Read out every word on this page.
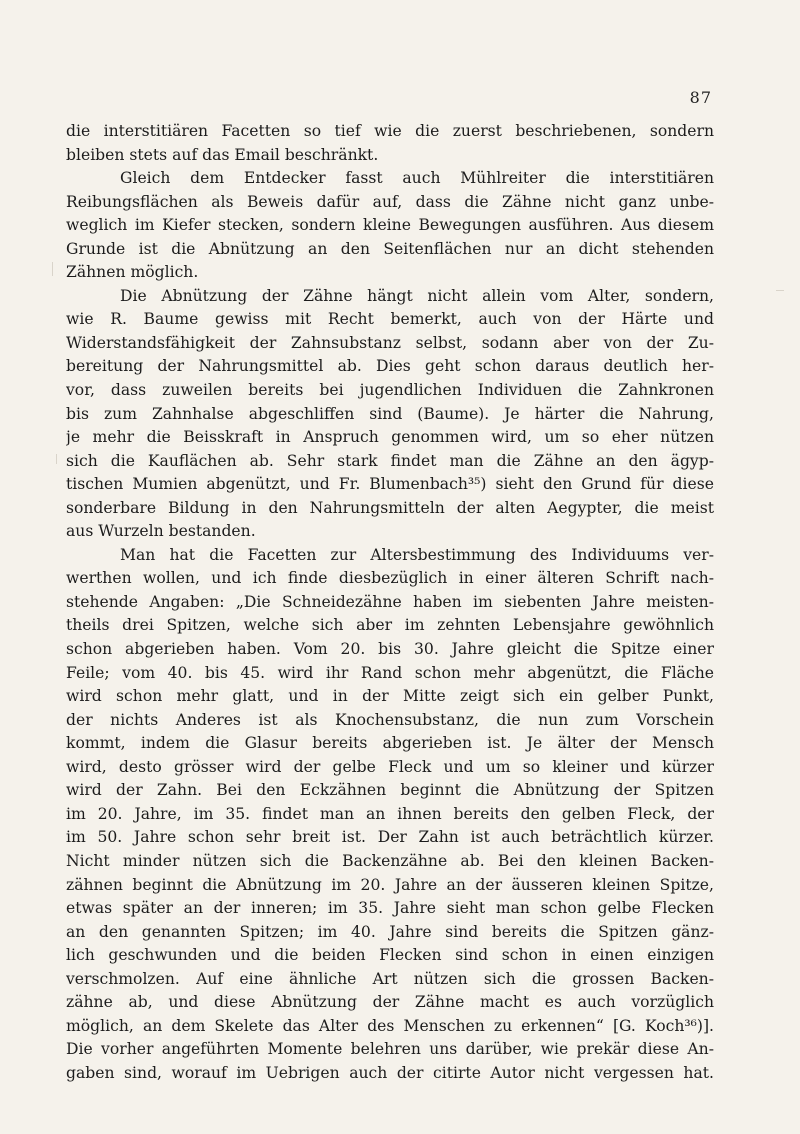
87
die interstitiären Facetten so tief wie die zuerst beschriebenen, sondern
bleiben stets auf das Email beschränkt.
Gleich dem Entdecker fasst auch Mühlreiter die interstitiären
Reibungsflächen als Beweis dafür auf, dass die Zähne nicht ganz unbe-
weglich im Kiefer stecken, sondern kleine Bewegungen ausführen. Aus diesem
Grunde ist die Abnützung an den Seitenflächen nur an dicht stehenden
Zähnen möglich.
Die Abnützung der Zähne hängt nicht allein vom Alter, sondern,
wie R. Baume gewiss mit Recht bemerkt, auch von der Härte und
Widerstandsfähigkeit der Zahnsubstanz selbst, sodann aber von der Zu-
bereitung der Nahrungsmittel ab. Dies geht schon daraus deutlich her-
vor, dass zuweilen bereits bei jugendlichen Individuen die Zahnkronen
bis zum Zahnhalse abgeschliffen sind (Baume). Je härter die Nahrung,
je mehr die Beisskraft in Anspruch genommen wird, um so eher nützen
sich die Kauflächen ab. Sehr stark findet man die Zähne an den ägyp-
tischen Mumien abgenützt, und Fr. Blumenbach³⁵) sieht den Grund für diese
sonderbare Bildung in den Nahrungsmitteln der alten Aegypter, die meist
aus Wurzeln bestanden.
Man hat die Facetten zur Altersbestimmung des Individuums ver-
werthen wollen, und ich finde diesbezüglich in einer älteren Schrift nach-
stehende Angaben: „Die Schneidezähne haben im siebenten Jahre meisten-
theils drei Spitzen, welche sich aber im zehnten Lebensjahre gewöhnlich
schon abgerieben haben. Vom 20. bis 30. Jahre gleicht die Spitze einer
Feile; vom 40. bis 45. wird ihr Rand schon mehr abgenützt, die Fläche
wird schon mehr glatt, und in der Mitte zeigt sich ein gelber Punkt,
der nichts Anderes ist als Knochensubstanz, die nun zum Vorschein
kommt, indem die Glasur bereits abgerieben ist. Je älter der Mensch
wird, desto grösser wird der gelbe Fleck und um so kleiner und kürzer
wird der Zahn. Bei den Eckzähnen beginnt die Abnützung der Spitzen
im 20. Jahre, im 35. findet man an ihnen bereits den gelben Fleck, der
im 50. Jahre schon sehr breit ist. Der Zahn ist auch beträchtlich kürzer.
Nicht minder nützen sich die Backenzähne ab. Bei den kleinen Backen-
zähnen beginnt die Abnützung im 20. Jahre an der äusseren kleinen Spitze,
etwas später an der inneren; im 35. Jahre sieht man schon gelbe Flecken
an den genannten Spitzen; im 40. Jahre sind bereits die Spitzen gänz-
lich geschwunden und die beiden Flecken sind schon in einen einzigen
verschmolzen. Auf eine ähnliche Art nützen sich die grossen Backen-
zähne ab, und diese Abnützung der Zähne macht es auch vorzüglich
möglich, an dem Skelete das Alter des Menschen zu erkennen“ [G. Koch³⁶)].
Die vorher angeführten Momente belehren uns darüber, wie prekär diese An-
gaben sind, worauf im Uebrigen auch der citirte Autor nicht vergessen hat.
